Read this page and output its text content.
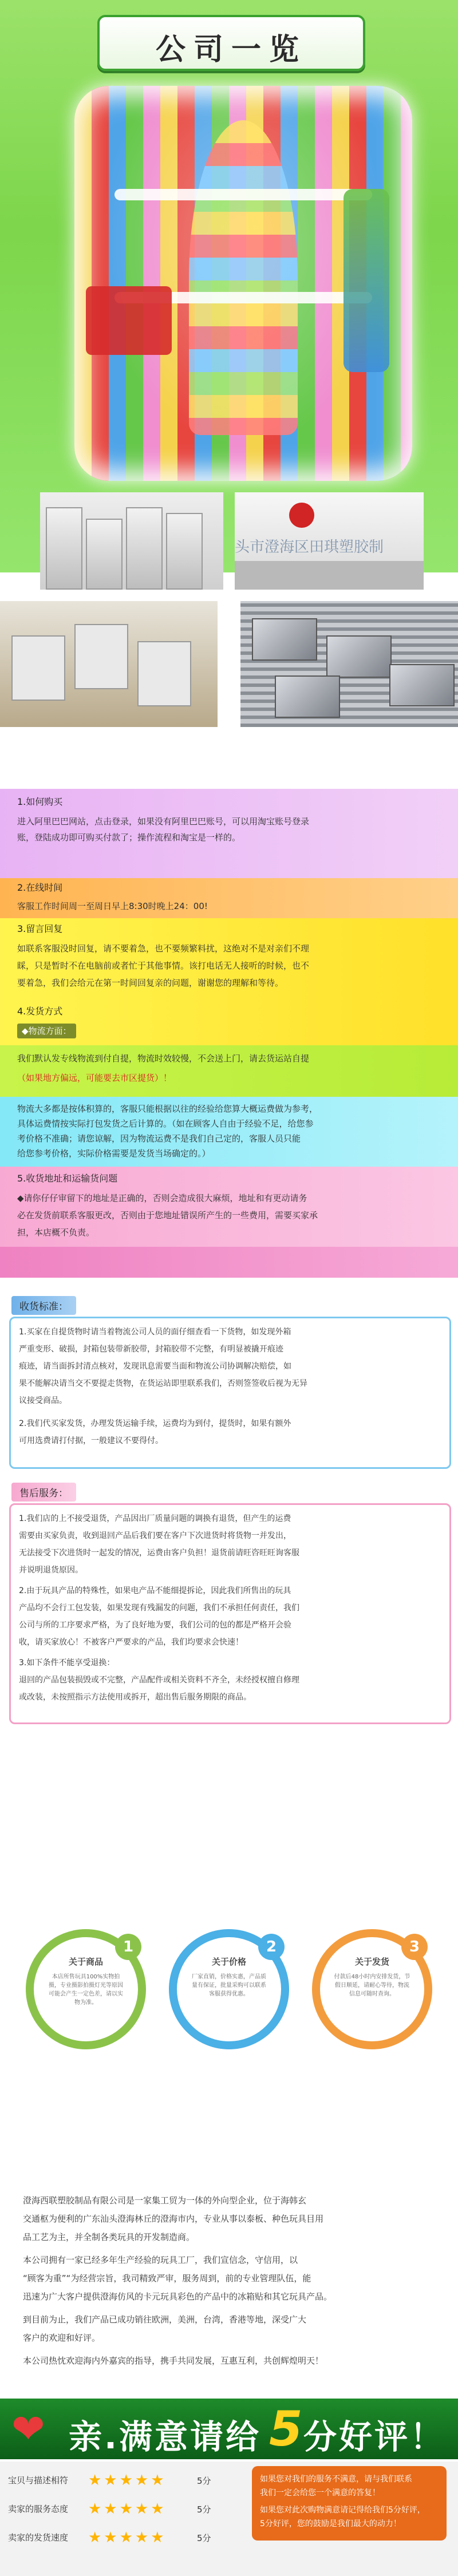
公司一览
头市澄海区田琪塑胶制
1.如何购买
进入阿里巴巴网站，点击登录，如果没有阿里巴巴账号，可以用淘宝账号登录
账，登陆成功即可购买付款了；操作流程和淘宝是一样的。
2.在线时间
客服工作时间周一至周日早上8:30时晚上24：00!
3.留言回复
如联系客服没时回复，请不要着急，也不要频繁料扰，这绝对不是对亲们不理
睬，只是暂时不在电脑前或者忙于其他事情。该打电话无人接听的时候，也不
要着急，我们会给元在第一时间回复亲的问题，谢谢您的理解和等待。
4.发货方式
◆物流方面：
我们默认发专线物流到付自提，物流时效较慢，不会送上门，请去货运站自提
（如果地方偏远，可能要去市区提货）！
物流大多都是按体积算的，客服只能根据以往的经验给您算大概运费做为参考，
具体运费情按实际打包发货之后计算的。（如在顾客人自由于经验不足，给您参
考价格不准确；请您谅解，因为物流运费不是我们自己定的，客服人员只能
给您参考价格，实际价格需要是发货当场确定的。）
5.收货地址和运输货问题
◆请你仔仔审留下的地址是正确的，否则会造成很大麻烦，地址和有更动请务
必在发货前联系客服更改，否则由于您地址错误所产生的一些费用，需要买家承
担，本店概不负责。
收货标准：
1.买家在自提货物时请当着物流公司人员的面仔细查看一下货物，如发现外箱
严重变形、破损，封箱包装带新胶带，封箱胶带不完整，有明显被撬开痕迹
痕迹，请当面拆封清点核对，发现讯息需要当面和物流公司协调解决赔偿，如
果不能解决请当交不要提走货物，在货运站即里联系我们，否则签签收后视为无异
议接受商品。
2.我们代买家发货，办理发货运输手续，运费均为到付，提货时，如果有额外
可用选费请打付据，一般建议不要得付。
售后服务：
1.我们店的上不接受退货，产品因出厂质量问题的调换有退货，但产生的运费
需要由买家负责，收到退回产品后我们要在客户下次进货时将货物一并发出，
无法接受下次进货时一起发的情况，运费由客户负担！退货前请旺咨旺旺询客服
并说明退货原因。
2.由于玩具产品的特殊性，如果电产品不能细提拆论，因此我们所售出的玩具
产品均不会行工包发装，如果发现有残漏发的问题，我们不承担任何责任，我们
公司与所的工序要求严格，为了良好地为要，我们公司的包的都是严格开会验
收，请买家放心！不被客户严要求的产品，我们均要求会快速！
3.如下条件不能享受退换：
退回的产品包装损毁或不完整，产品配件或相关资料不齐全，未经授权擅自修理
或改装，未按照指示方法使用或拆开，超出售后服务期限的商品。
1
关于商品
本店所售玩具100%实物拍摄，专业摄影拍摄灯光等原因可能会产生一定色差，请以实物为准。
2
关于价格
厂家直销，价格实惠，产品质量有保证，批量采购可以联系客服获得优惠。
3
关于发货
付款后48小时内安排发货，节假日顺延，请耐心等待，物流信息可随时查询。
澄海西联塑胶制品有限公司是一家集工贸为一体的外向型企业，位于海韩玄
交通枢为便利的广东汕头澄海林丘的澄海市内，专业从事以泰板、种色玩具目用
品工艺为主，并全制各类玩具的开发制造商。
本公司拥有一家已经多年生产经验的玩具工厂，我们宣信念，守信用，以
“顾客为重”“为经营宗旨，我司精致严审，服务周到，前的专业管理队伍，能
迅速为广大客户提供澄海仿风的卡元玩具彩色的产品中的冰箱贴和其它玩具产品。
到目前为止，我们产品已成功销往欧洲，美洲，台湾，香港等地，深受广大
客户的欢迎和好评。
本公司热忱欢迎海内外嘉宾的指导，携手共同发展，互惠互利，共创辉煌明天！
❤ 亲.满意请给 5 分好评！
宝贝与描述相符 ★★★★★	5分
卖家的服务态度 ★★★★★	5分
卖家的发货速度 ★★★★★	5分
如果您对我们的服务不满意，请与我们联系
我们一定会给您一个满意的答复！
如果您对此次购物满意请记得给我们5分好评，
5分好评，您的鼓励是我们最大的动力！
